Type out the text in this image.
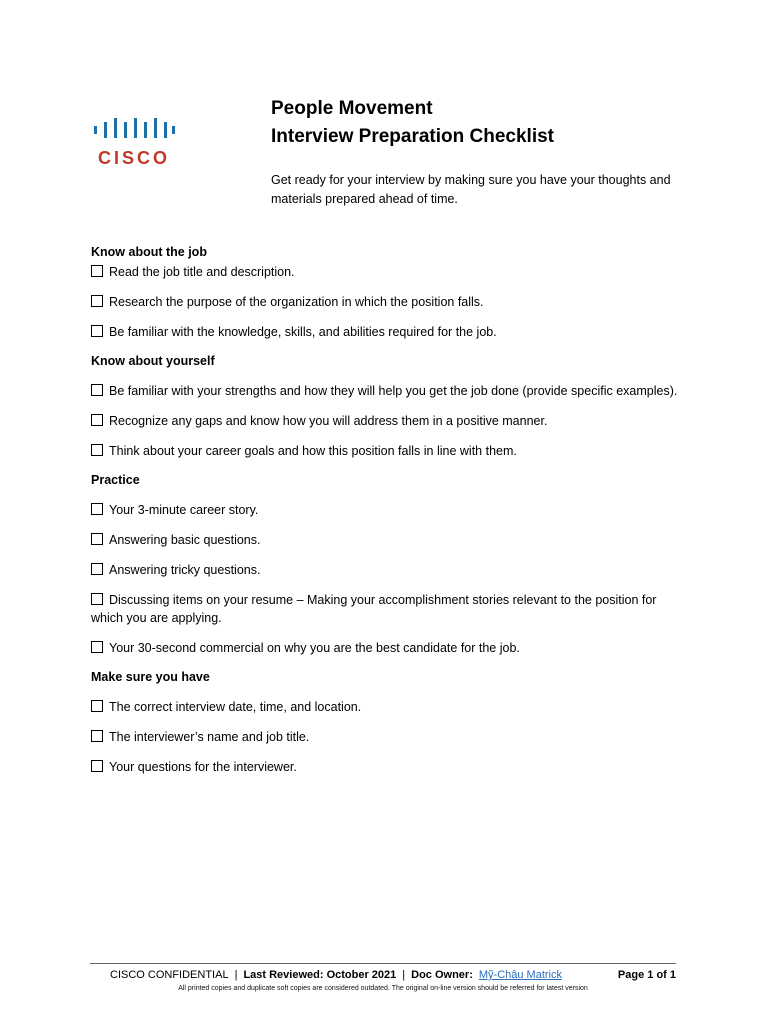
CISCO

People Movement

Interview Preparation Checklist

Get ready for your interview by making sure you have your thoughts and materials prepared ahead of time.
Know about the job
Read the job title and description.
Research the purpose of the organization in which the position falls.
Be familiar with the knowledge, skills, and abilities required for the job.
Know about yourself
Be familiar with your strengths and how they will help you get the job done (provide specific examples).
Recognize any gaps and know how you will address them in a positive manner.
Think about your career goals and how this position falls in line with them.
Practice
Your 3-minute career story.
Answering basic questions.
Answering tricky questions.
Discussing items on your resume – Making your accomplishment stories relevant to the position for which you are applying.
Your 30-second commercial on why you are the best candidate for the job.
Make sure you have
The correct interview date, time, and location.
The interviewer’s name and job title.
Your questions for the interviewer.
CISCO CONFIDENTIAL | Last Reviewed: October 2021 | Doc Owner: Mỹ-Châu Matrick	Page 1 of 1
All printed copies and duplicate soft copies are considered outdated. The original on-line version should be referred for latest version
